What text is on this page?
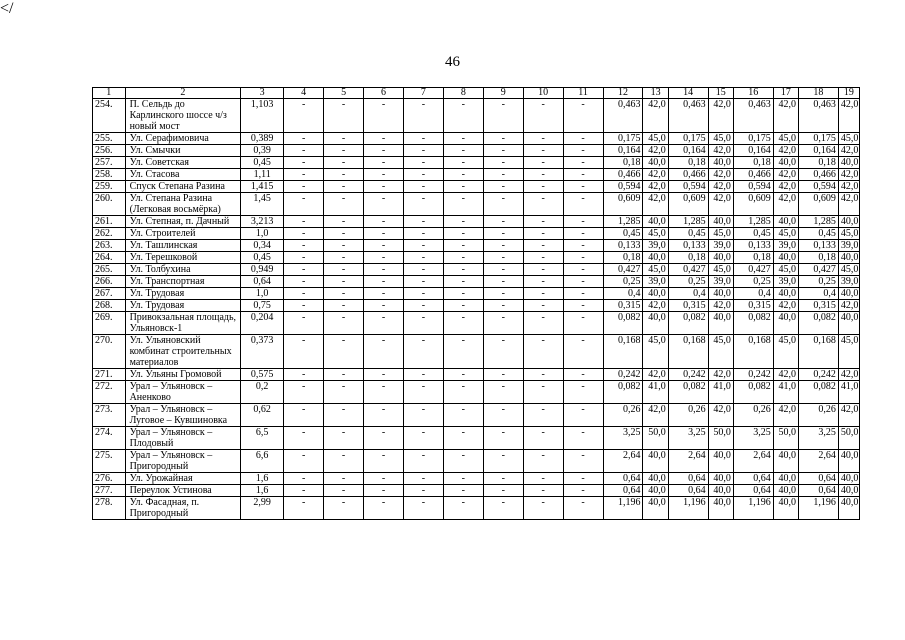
46
1	2	3	4	5	6	7	8	9	10	11	12	13	14	15	16	17	18	19
254.	П. Сельдь до Карлинского шоссе ч/з новый мост	1,103	-	-	-	-	-	-	-	-	0,463	42,0	0,463	42,0	0,463	42,0	0,463	42,0
255.	Ул. Серафимовича	0,389	-	-	-	-	-	-	-	-	0,175	45,0	0,175	45,0	0,175	45,0	0,175	45,0
256.	Ул. Смычки	0,39	-	-	-	-	-	-	-	-	0,164	42,0	0,164	42,0	0,164	42,0	0,164	42,0
257.	Ул. Советская	0,45	-	-	-	-	-	-	-	-	0,18	40,0	0,18	40,0	0,18	40,0	0,18	40,0
258.	Ул. Стасова	1,11	-	-	-	-	-	-	-	-	0,466	42,0	0,466	42,0	0,466	42,0	0,466	42,0
259.	Спуск Степана Разина	1,415	-	-	-	-	-	-	-	-	0,594	42,0	0,594	42,0	0,594	42,0	0,594	42,0
260.	Ул. Степана Разина (Легковая восьмёрка)	1,45	-	-	-	-	-	-	-	-	0,609	42,0	0,609	42,0	0,609	42,0	0,609	42,0
261.	Ул. Степная, п. Дачный	3,213	-	-	-	-	-	-	-	-	1,285	40,0	1,285	40,0	1,285	40,0	1,285	40,0
262.	Ул. Строителей	1,0	-	-	-	-	-	-	-	-	0,45	45,0	0,45	45,0	0,45	45,0	0,45	45,0
263.	Ул. Ташлинская	0,34	-	-	-	-	-	-	-	-	0,133	39,0	0,133	39,0	0,133	39,0	0,133	39,0
264.	Ул. Терешковой	0,45	-	-	-	-	-	-	-	-	0,18	40,0	0,18	40,0	0,18	40,0	0,18	40,0
265.	Ул. Толбухина	0,949	-	-	-	-	-	-	-	-	0,427	45,0	0,427	45,0	0,427	45,0	0,427	45,0
266.	Ул. Транспортная	0,64	-	-	-	-	-	-	-	-	0,25	39,0	0,25	39,0	0,25	39,0	0,25	39,0
267.	Ул. Трудовая	1,0	-	-	-	-	-	-	-	-	0,4	40,0	0,4	40,0	0,4	40,0	0,4	40,0
268.	Ул. Трудовая	0,75	-	-	-	-	-	-	-	-	0,315	42,0	0,315	42,0	0,315	42,0	0,315	42,0
269.	Привокзальная площадь, Ульяновск-1	0,204	-	-	-	-	-	-	-	-	0,082	40,0	0,082	40,0	0,082	40,0	0,082	40,0
270.	Ул. Ульяновский комбинат строительных материалов	0,373	-	-	-	-	-	-	-	-	0,168	45,0	0,168	45,0	0,168	45,0	0,168	45,0
271.	Ул. Ульяны Громовой	0,575	-	-	-	-	-	-	-	-	0,242	42,0	0,242	42,0	0,242	42,0	0,242	42,0
272.	Урал – Ульяновск – Аненково	0,2	-	-	-	-	-	-	-	-	0,082	41,0	0,082	41,0	0,082	41,0	0,082	41,0
273.	Урал – Ульяновск – Луговое – Кувшиновка	0,62	-	-	-	-	-	-	-	-	0,26	42,0	0,26	42,0	0,26	42,0	0,26	42,0
274.	Урал – Ульяновск – Плодовый	6,5	-	-	-	-	-	-	-	-	3,25	50,0	3,25	50,0	3,25	50,0	3,25	50,0
275.	Урал – Ульяновск – Пригородный	6,6	-	-	-	-	-	-	-	-	2,64	40,0	2,64	40,0	2,64	40,0	2,64	40,0
276.	Ул. Урожайная	1,6	-	-	-	-	-	-	-	-	0,64	40,0	0,64	40,0	0,64	40,0	0,64	40,0
277.	Переулок Устинова	1,6	-	-	-	-	-	-	-	-	0,64	40,0	0,64	40,0	0,64	40,0	0,64	40,0
278.	Ул. Фасадная, п. Пригородный	2,99	-	-	-	-	-	-	-	-	1,196	40,0	1,196	40,0	1,196	40,0	1,196	40,0
</
